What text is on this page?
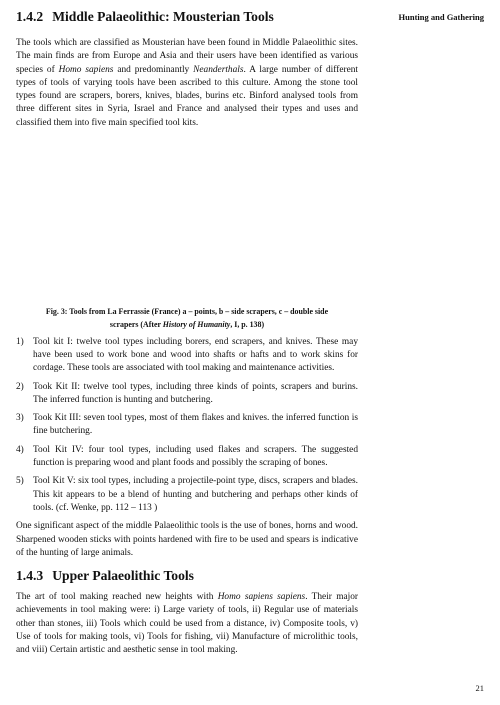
Hunting and Gathering
1.4.2 Middle Palaeolithic: Mousterian Tools

The tools which are classified as Mousterian have been found in Middle Palaeolithic sites. The main finds are from Europe and Asia and their users have been identified as various species of Homo sapiens and predominantly Neanderthals. A large number of different types of tools of varying tools have been ascribed to this culture. Among the stone tool types found are scrapers, borers, knives, blades, burins etc. Binford analysed tools from three different sites in Syria, Israel and France and analysed their types and uses and classified them into five main specified tool kits.

Fig. 3: Tools from La Ferrassie (France) a – points, b – side scrapers, c – double side
scrapers (After History of Humanity, I, p. 138)
1) Tool kit I: twelve tool types including borers, end scrapers, and knives. These may have been used to work bone and wood into shafts or hafts and to work skins for cordage. These tools are associated with tool making and maintenance activities.
2) Took Kit II: twelve tool types, including three kinds of points, scrapers and burins. The inferred function is hunting and butchering.
3) Took Kit III: seven tool types, most of them flakes and knives. the inferred function is fine butchering.
4) Tool Kit IV: four tool types, including used flakes and scrapers. The suggested function is preparing wood and plant foods and possibly the scraping of bones.
5) Tool Kit V: six tool types, including a projectile-point type, discs, scrapers and blades. This kit appears to be a blend of hunting and butchering and perhaps other kinds of tools. (cf. Wenke, pp. 112 – 113 )

One significant aspect of the middle Palaeolithic tools is the use of bones, horns and wood. Sharpened wooden sticks with points hardened with fire to be used and spears is indicative of the hunting of large animals.

1.4.3 Upper Palaeolithic Tools

The art of tool making reached new heights with Homo sapiens sapiens. Their major achievements in tool making were: i) Large variety of tools, ii) Regular use of materials other than stones, iii) Tools which could be used from a distance, iv) Composite tools, v) Use of tools for making tools, vi) Tools for fishing, vii) Manufacture of microlithic tools, and viii) Certain artistic and aesthetic sense in tool making.

21
